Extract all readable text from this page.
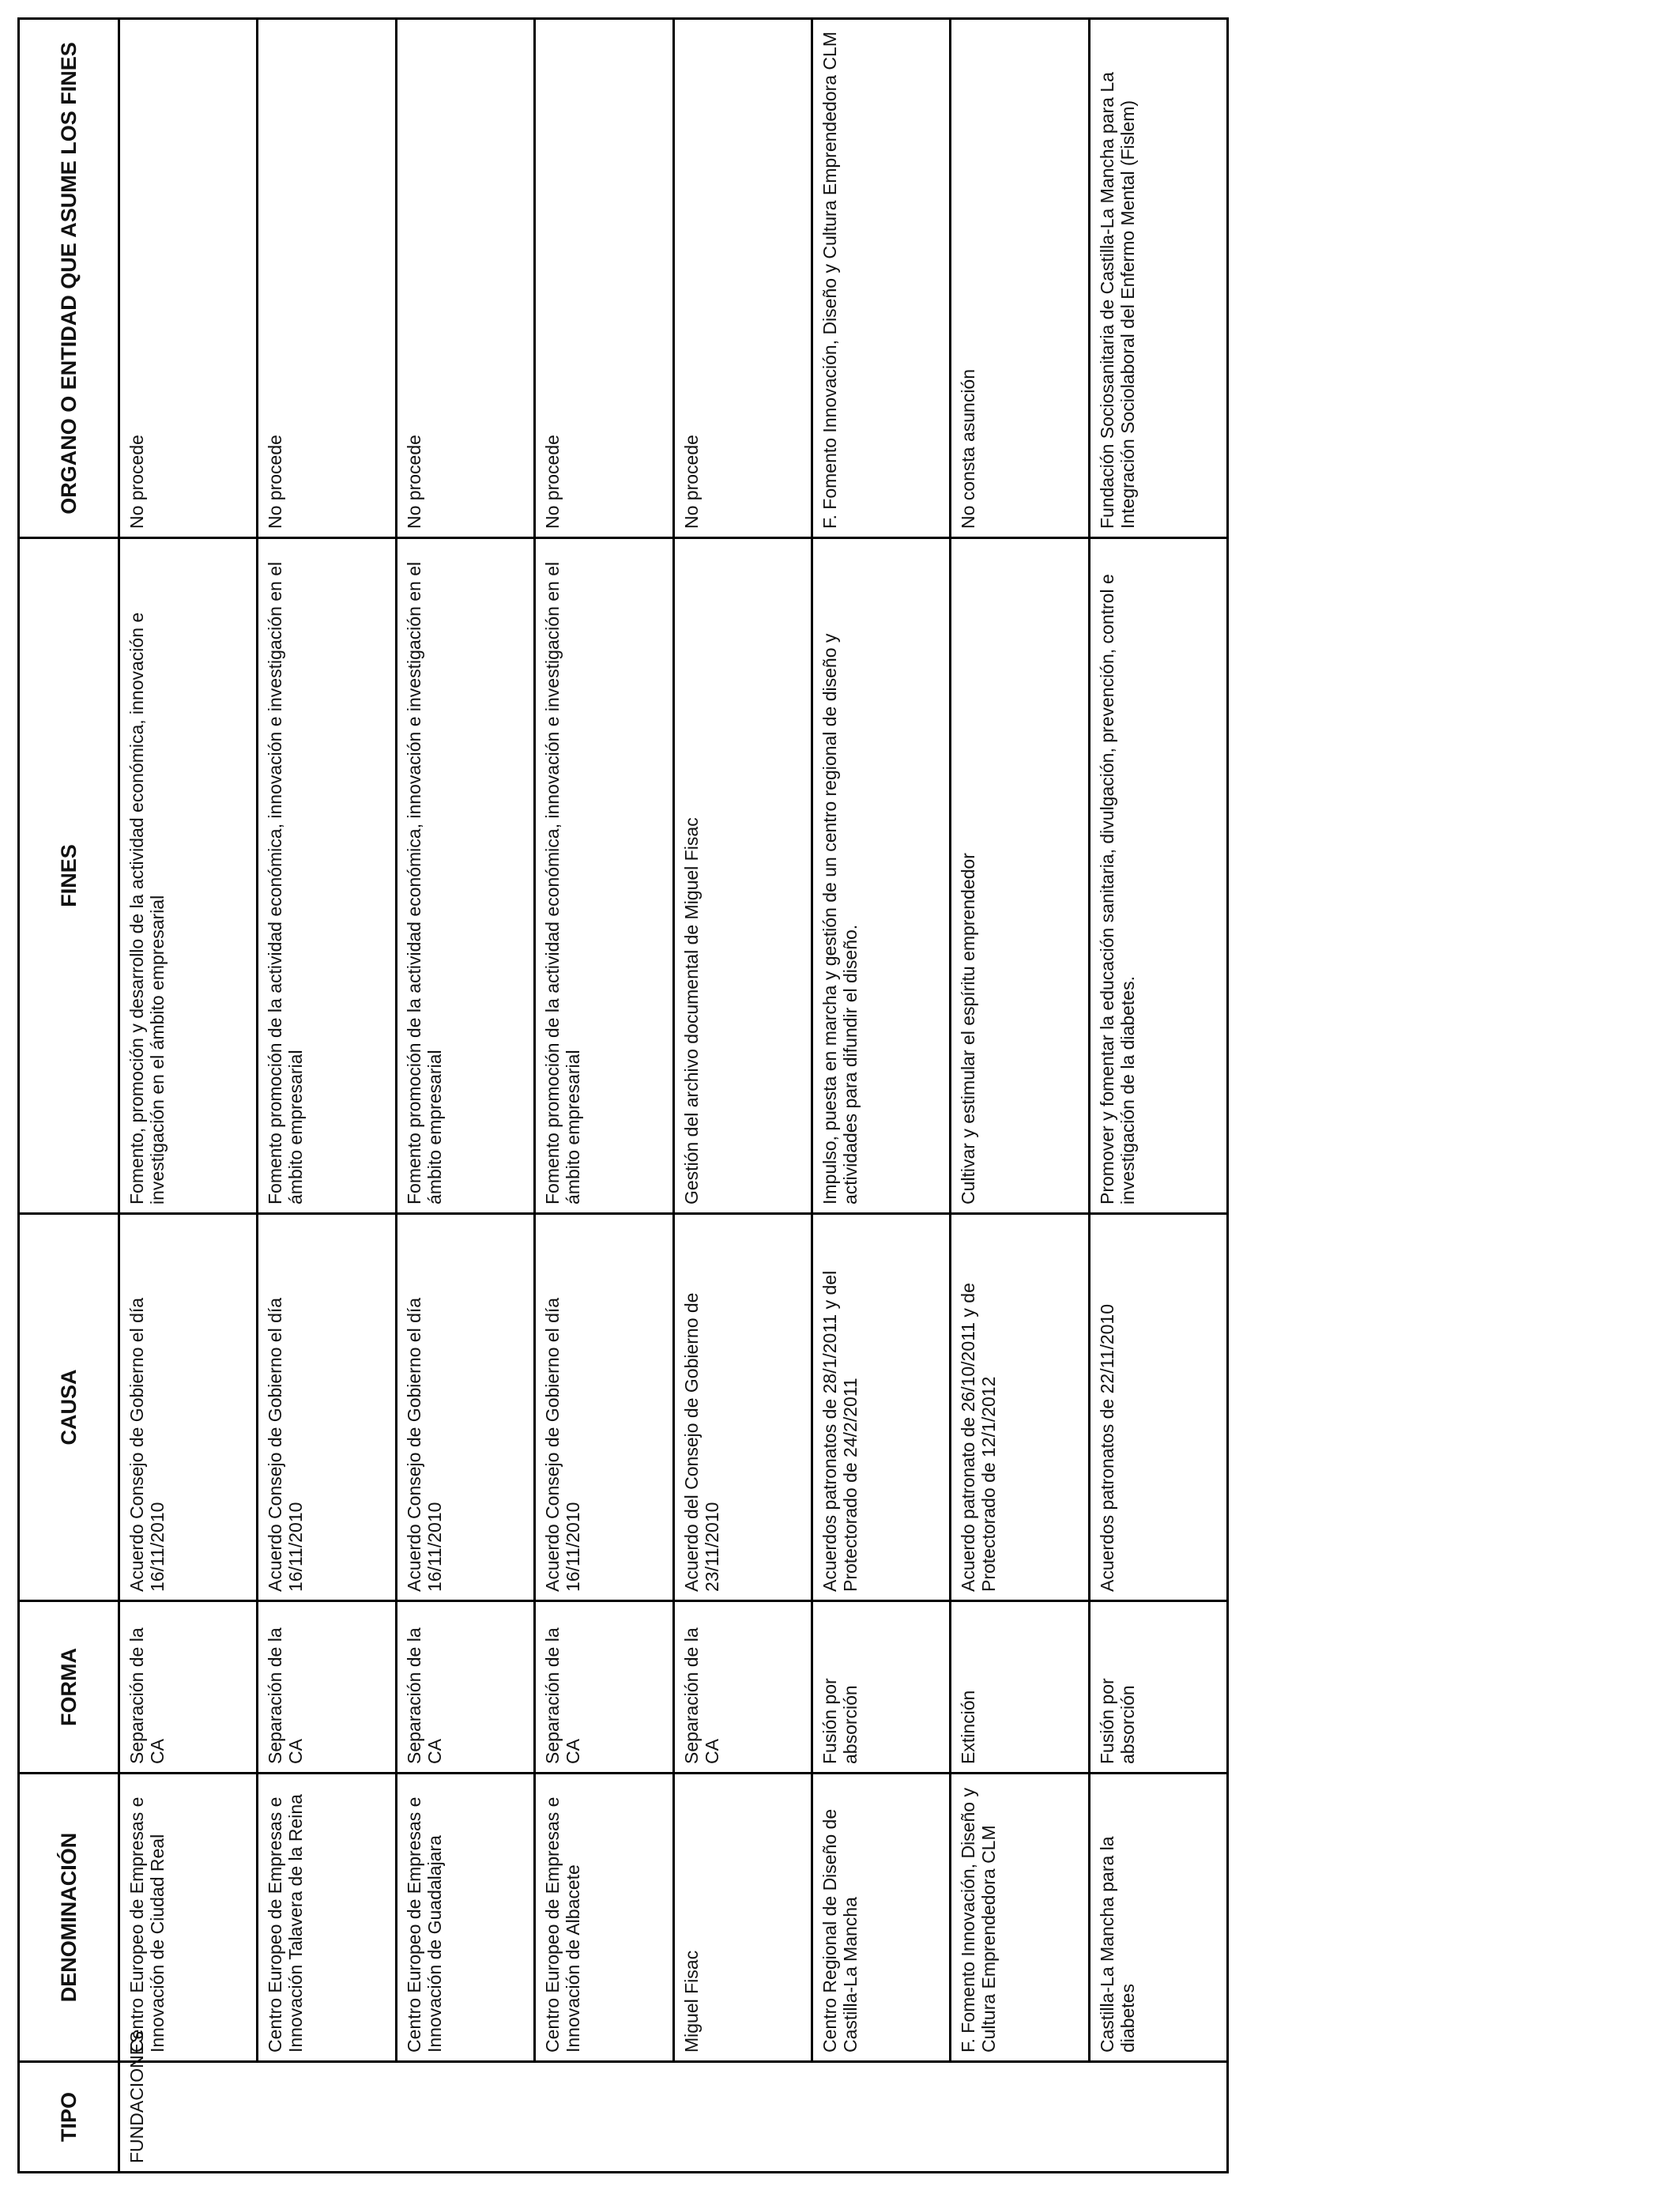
TIPO	DENOMINACIÓN	FORMA	CAUSA	FINES	ORGANO O ENTIDAD QUE ASUME LOS FINES
FUNDACIONES	Centro Europeo de Empresas e Innovación de Ciudad Real	Separación de la CA	Acuerdo Consejo de Gobierno el día 16/11/2010	Fomento, promoción y desarrollo de la actividad económica, innovación e investigación en el ámbito empresarial	No procede
	Centro Europeo de Empresas e Innovación Talavera de la Reina	Separación de la CA	Acuerdo Consejo de Gobierno el día 16/11/2010	Fomento promoción de la actividad económica, innovación e investigación en el ámbito empresarial	No procede
	Centro Europeo de Empresas e Innovación de Guadalajara	Separación de la CA	Acuerdo Consejo de Gobierno el día 16/11/2010	Fomento promoción de la actividad económica, innovación e investigación en el ámbito empresarial	No procede
	Centro Europeo de Empresas e Innovación de Albacete	Separación de la CA	Acuerdo Consejo de Gobierno el día 16/11/2010	Fomento promoción de la actividad económica, innovación e investigación en el ámbito empresarial	No procede
	Miguel Fisac	Separación de la CA	Acuerdo del Consejo de Gobierno de 23/11/2010	Gestión del archivo documental de Miguel Fisac	No procede
	Centro Regional de Diseño de Castilla-La Mancha	Fusión por absorción	Acuerdos patronatos de 28/1/2011 y del Protectorado de 24/2/2011	Impulso, puesta en marcha y gestión de un centro regional de diseño y actividades para difundir el diseño.	F. Fomento Innovación, Diseño y Cultura Emprendedora CLM
	F. Fomento Innovación, Diseño y Cultura Emprendedora CLM	Extinción	Acuerdo patronato de 26/10/2011 y de Protectorado de 12/1/2012	Cultivar y estimular el espíritu emprendedor	No consta asunción
	Castilla-La Mancha para la diabetes	Fusión por absorción	Acuerdos patronatos de 22/11/2010	Promover y fomentar la educación sanitaria, divulgación, prevención, control e investigación de la diabetes.	Fundación Sociosanitaria de Castilla-La Mancha para La Integración Sociolaboral del Enfermo Mental (Fislem)
